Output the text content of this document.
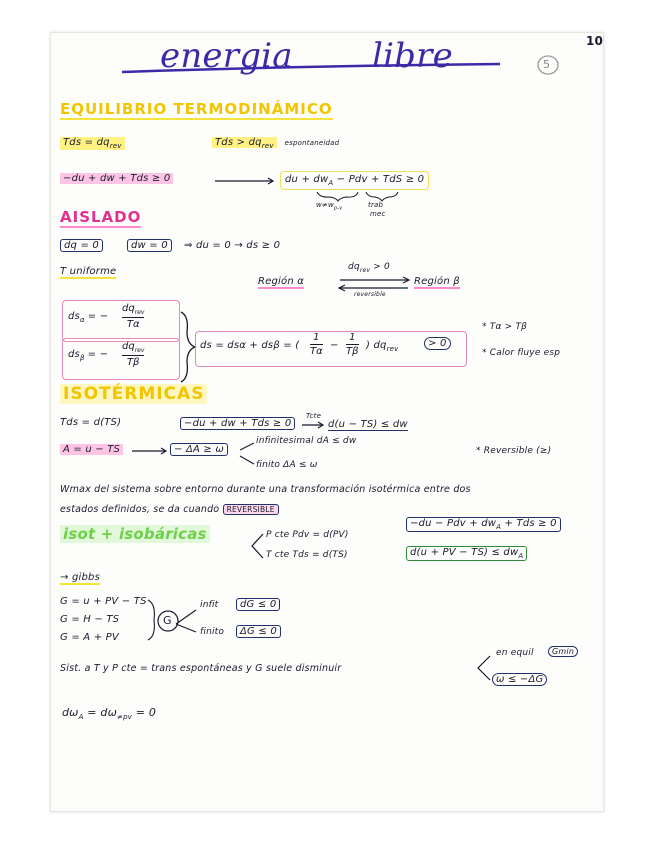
10
energia libre	5
EQUILIBRIO TERMODINÁMICO
Tds = $dq_{rev}$	Tds > $dq_{rev}$ espontaneidad
−du + dw + Tds ≥ 0	du + $dw_A$ − Pdv + TdS ≥ 0
$w\ne w_{p-v}$	trab
mec
AISLADO
dq = 0	dw = 0	⇒ du = 0 → ds ≥ 0
T uniforme
Región α	Región β
$dq_{rev} > 0$
reversible
$ds_\alpha$ = −
$dq_{rev}$
Tα
$ds_\beta$ = −
$dq_{rev}$
Tβ
ds = dsα + dsβ = (
1
Tα
−
1
Tβ
) $dq_{rev}$	> 0
* Tα > Tβ
* Calor fluye esp
ISOTÉRMICAS
Tds = d(TS)	−du + dw + Tds ≥ 0
Tcte
d(u − TS) ≤ dw
A = u − TS	− ΔA ≥ ω
infinitesimal dA ≤ dw
finito ΔA ≤ ω
* Reversible (≥)
Wmax del sistema sobre entorno durante una transformación isotérmica entre dos
estados definidos, se da cuando REVERSIBLE
isot + isobáricas	P cte Pdv = d(PV)
T cte Tds = d(TS)
−du − Pdv + $dw_A$ + Tds ≥ 0
d(u + PV − $TS) \le dw_A$
→ gibbs
G = u + PV − TS
G = H − TS
G = A + PV
G
infit	dG ≤ 0
finito	ΔG ≤ 0
Sist. a T y P cte = trans espontáneas y G suele disminuir
en equil	Gmin
ω ≤ −ΔG
$d\omega_A = d\omega_{\ne pv} = 0$
